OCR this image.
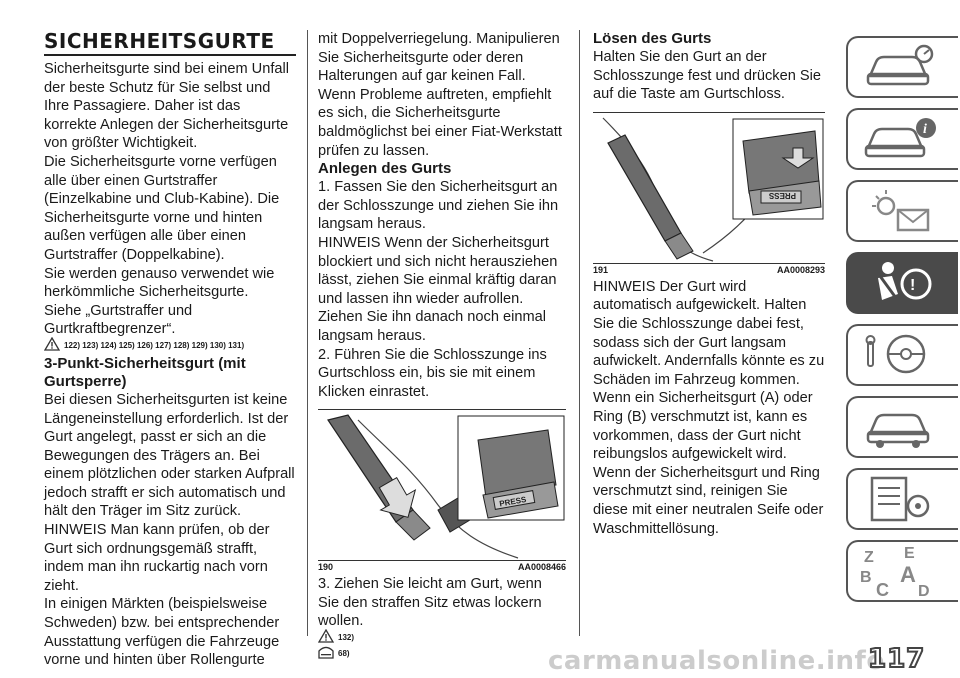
SICHERHEITSGURTE

Sicherheitsgurte sind bei einem Unfall der beste Schutz für Sie selbst und Ihre Passagiere. Daher ist das korrekte Anlegen der Sicherheitsgurte von größter Wichtigkeit.

Die Sicherheitsgurte vorne verfügen alle über einen Gurtstraffer (Einzelkabine und Club-Kabine). Die Sicherheitsgurte vorne und hinten außen verfügen alle über einen Gurtstraffer (Doppelkabine).

Sie werden genauso verwendet wie herkömmliche Sicherheitsgurte.

Siehe „Gurtstraffer und Gurtkraftbegrenzer“.

122) 123) 124) 125) 126) 127) 128) 129) 130) 131)
3-Punkt-Sicherheitsgurt (mit Gurtsperre)

Bei diesen Sicherheitsgurten ist keine Längeneinstellung erforderlich. Ist der Gurt angelegt, passt er sich an die Bewegungen des Trägers an. Bei einem plötzlichen oder starken Aufprall jedoch strafft er sich automatisch und hält den Träger im Sitz zurück.

HINWEIS Man kann prüfen, ob der Gurt sich ordnungsgemäß strafft, indem man ihn ruckartig nach vorn zieht.

In einigen Märkten (beispielsweise Schweden) bzw. bei entsprechender Ausstattung verfügen die Fahrzeuge vorne und hinten über Rollengurte

mit Doppelverriegelung. Manipulieren Sie Sicherheitsgurte oder deren Halterungen auf gar keinen Fall. Wenn Probleme auftreten, empfiehlt es sich, die Sicherheitsgurte baldmöglichst bei einer Fiat-Werkstatt prüfen zu lassen.

Anlegen des Gurts

1. Fassen Sie den Sicherheitsgurt an der Schlosszunge und ziehen Sie ihn langsam heraus.

HINWEIS Wenn der Sicherheitsgurt blockiert und sich nicht herausziehen lässt, ziehen Sie einmal kräftig daran und lassen ihn wieder aufrollen. Ziehen Sie ihn danach noch einmal langsam heraus.

2. Führen Sie die Schlosszunge ins Gurtschloss ein, bis sie mit einem Klicken einrastet.

PRESS
190	AA0008466

3. Ziehen Sie leicht am Gurt, wenn Sie den straffen Sitz etwas lockern wollen.

132)
68)
Lösen des Gurts

Halten Sie den Gurt an der Schlosszunge fest und drücken Sie auf die Taste am Gurtschloss.

PRESS
191	AA0008293

HINWEIS Der Gurt wird automatisch aufgewickelt. Halten Sie die Schlosszunge dabei fest, sodass sich der Gurt langsam aufwickelt. Andernfalls könnte es zu Schäden im Fahrzeug kommen.

Wenn ein Sicherheitsgurt (A) oder Ring (B) verschmutzt ist, kann es vorkommen, dass der Gurt nicht reibungslos aufgewickelt wird.

Wenn der Sicherheitsgurt und Ring verschmutzt sind, reinigen Sie diese mit einer neutralen Seife oder Waschmittellösung.

i
!
Z E
B A
C D
carmanualsonline.info
117
